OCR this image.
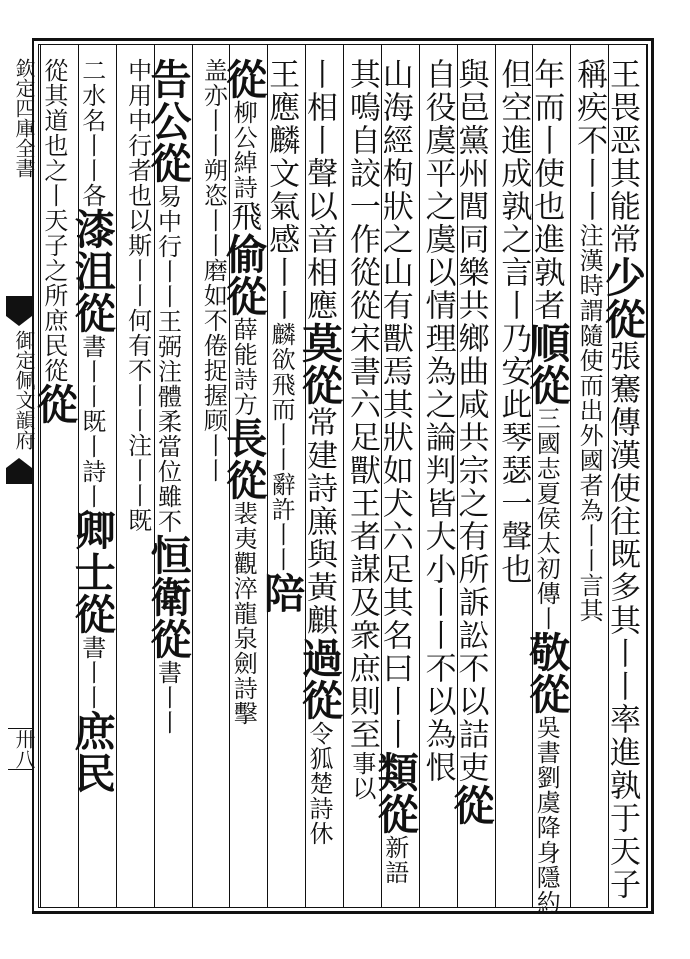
欽定四庫全書
御定佩文韻府
卅八
王畏恶其能常少從張騫傳漢使往既多其丨丨率進孰于天子
稱疾不丨丨注漢時謂隨使而出外國者為丨丨言其
年而丨使也進孰者順從三國志夏侯太初傳丨敬從吳書劉虞降身隱約
但空進成孰之言丨乃安此琴瑟一聲也
與邑黨州閭同樂共鄉曲咸共宗之有所訴訟不以詰吏從
自役虞平之虞以情理為之論判皆大小丨丨不以為恨
山海經枸狀之山有獸焉其狀如犬六足其名曰丨丨類從新語
其鳴自詨一作從從宋書六足獸王者謀及衆庶則至事以
丨相丨聲以音相應莫從常建詩㢘與黃麒過從令狐楚詩休
王應麟文氣感丨丨麟欲飛而丨丨辭許丨丨陪
從柳公綽詩飛偷從薛能詩方長從裴夷觀淬龍泉劍詩擊
盖亦丨丨朔恣丨丨磨如不倦捉握顾丨丨
告公從易中行丨丨王弼注體柔當位雖不恒衛從書丨丨
中用中行者也以斯丨丨何有不丨丨注丨丨既
二水名丨丨各漆沮從書丨丨既丨詩丨卿士從書丨丨庶民
從其道也之丨天子之所庶民從從
